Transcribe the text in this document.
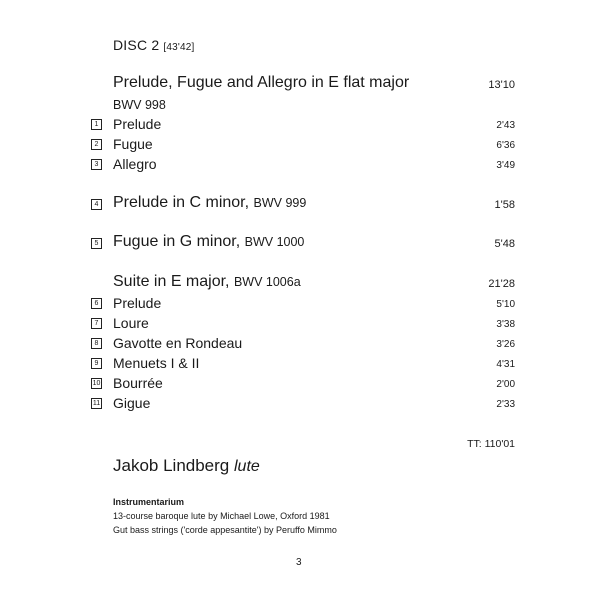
DISC 2 [43'42]
Prelude, Fugue and Allegro in E flat major	13'10
BWV 998
1 Prelude	2'43
2 Fugue	6'36
3 Allegro	3'49
4 Prelude in C minor, BWV 999	1'58
5 Fugue in G minor, BWV 1000	5'48
Suite in E major, BWV 1006a	21'28
6 Prelude	5'10
7 Loure	3'38
8 Gavotte en Rondeau	3'26
9 Menuets I & II	4'31
10 Bourrée	2'00
11 Gigue	2'33
TT: 110'01
Jakob Lindberg lute
Instrumentarium
13-course baroque lute by Michael Lowe, Oxford 1981
Gut bass strings ('corde appesantite') by Peruffo Mimmo
3
